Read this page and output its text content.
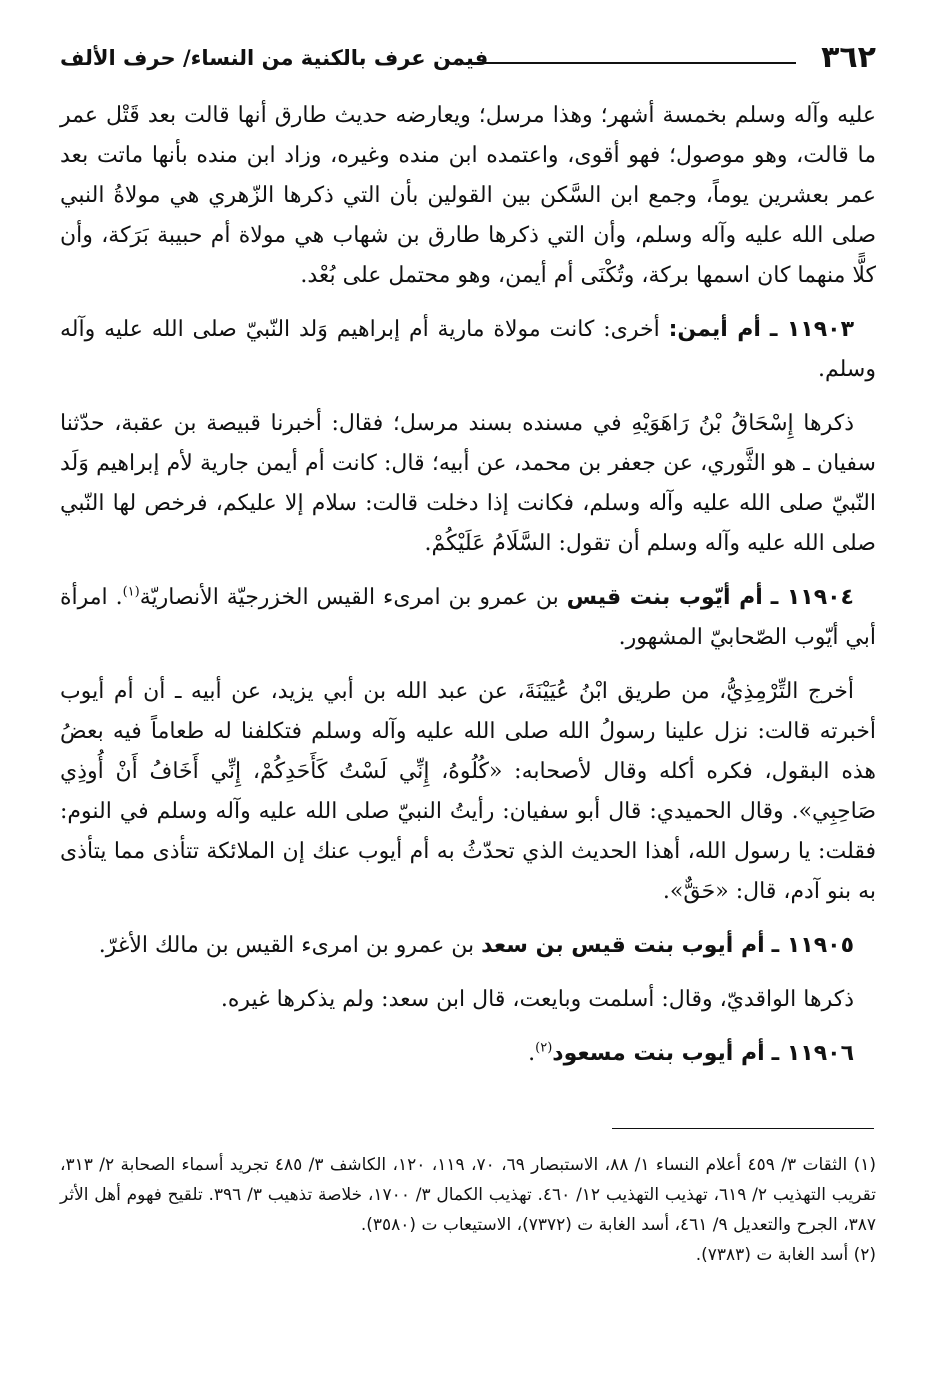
٣٦٢
فيمن عرف بالكنية من النساء/ حرف الألف

عليه وآله وسلم بخمسة أشهر؛ وهذا مرسل؛ ويعارضه حديث طارق أنها قالت بعد قَتْل عمر ما قالت، وهو موصول؛ فهو أقوى، واعتمده ابن منده وغيره، وزاد ابن منده بأنها ماتت بعد عمر بعشرين يوماً، وجمع ابن السَّكن بين القولين بأن التي ذكرها الزّهري هي مولاةُ النبي صلى الله عليه وآله وسلم، وأن التي ذكرها طارق بن شهاب هي مولاة أم حبيبة بَرَكة، وأن كلًّا منهما كان اسمها بركة، وتُكْنَى أم أيمن، وهو محتمل على بُعْد.

١١٩٠٣ ـ أم أيمن: أخرى: كانت مولاة مارية أم إبراهيم وَلد النّبيّ صلى الله عليه وآله وسلم.

ذكرها إِسْحَاقُ بْنُ رَاهَوَيْهِ في مسنده بسند مرسل؛ فقال: أخبرنا قبيصة بن عقبة، حدّثنا سفيان ـ هو الثَّوري، عن جعفر بن محمد، عن أبيه؛ قال: كانت أم أيمن جارية لأم إبراهيم وَلَد النّبيّ صلى الله عليه وآله وسلم، فكانت إذا دخلت قالت: سلام إلا عليكم، فرخص لها النّبي صلى الله عليه وآله وسلم أن تقول: السَّلَامُ عَلَيْكُمْ.

١١٩٠٤ ـ أم أيّوب بنت قيس بن عمرو بن امرىء القيس الخزرجيّة الأنصاريّة$^{(١)}$. امرأة أبي أيّوب الصّحابيّ المشهور.

أخرج التِّرْمِذِيُّ، من طريق ابْنُ عُيَيْنَةَ، عن عبد الله بن أبي يزيد، عن أبيه ـ أن أم أيوب أخبرته قالت: نزل علينا رسولُ الله صلى الله عليه وآله وسلم فتكلفنا له طعاماً فيه بعضُ هذه البقول، فكره أكله وقال لأصحابه: «كُلُوهُ، إِنِّي لَسْتُ كَأَحَدِكُمْ، إِنِّي أَخَافُ أَنْ أُوذِي صَاحِبِي». وقال الحميدي: قال أبو سفيان: رأيتُ النبيّ صلى الله عليه وآله وسلم في النوم: فقلت: يا رسول الله، أهذا الحديث الذي تحدّثُ به أم أيوب عنك إن الملائكة تتأذى مما يتأذى به بنو آدم، قال: «حَقٌّ».

١١٩٠٥ ـ أم أيوب بنت قيس بن سعد بن عمرو بن امرىء القيس بن مالك الأغرّ.

ذكرها الواقديّ، وقال: أسلمت وبايعت، قال ابن سعد: ولم يذكرها غيره.

١١٩٠٦ ـ أم أيوب بنت مسعود$^{(٢)}$.

(١) الثقات ٣/ ٤٥٩ أعلام النساء ١/ ٨٨، الاستبصار ٦٩، ٧٠، ١١٩، ١٢٠، الكاشف ٣/ ٤٨٥ تجريد أسماء الصحابة ٢/ ٣١٣، تقريب التهذيب ٢/ ٦١٩، تهذيب التهذيب ١٢/ ٤٦٠. تهذيب الكمال ٣/ ١٧٠٠، خلاصة تذهيب ٣/ ٣٩٦. تلقيح فهوم أهل الأثر ٣٨٧، الجرح والتعديل ٩/ ٤٦١، أسد الغابة ت (٧٣٧٢)، الاستيعاب ت (٣٥٨٠).

(٢) أسد الغابة ت (٧٣٨٣).
